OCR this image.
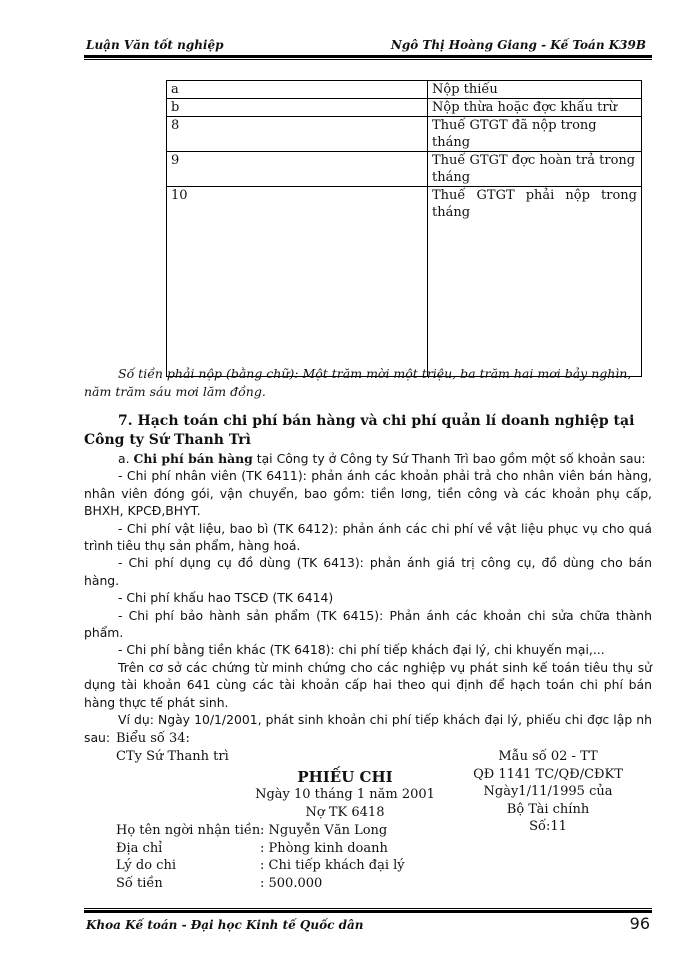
Luận Văn tốt nghiệp	Ngô Thị Hoàng Giang - Kế Toán K39B
a	Nộp thiếu
b	Nộp thừa hoặc đợc khấu trừ
8	Thuế GTGT đã nộp trong tháng
9	Thuế GTGT đợc hoàn trả trong tháng
10	Thuế GTGT phải nộp trong tháng
Số tiền phải nộp (bằng chữ): Một trăm mời một triệu, ba trăm hai mơi bảy nghìn, năm trăm sáu mơi lăm đồng.
7. Hạch toán chi phí bán hàng và chi phí quản lí doanh nghiệp tại Công ty Sứ Thanh Trì

a. Chi phí bán hàng tại Công ty ở Công ty Sứ Thanh Trì bao gồm một số khoản sau:

- Chi phí nhân viên (TK 6411): phản ánh các khoản phải trả cho nhân viên bán hàng, nhân viên đóng gói, vận chuyển, bao gồm: tiền lơng, tiền công và các khoản phụ cấp, BHXH, KPCĐ,BHYT.

- Chi phí vật liệu, bao bì (TK 6412): phản ánh các chi phí về vật liệu phục vụ cho quá trình tiêu thụ sản phẩm, hàng hoá.

- Chi phí dụng cụ đồ dùng (TK 6413): phản ánh giá trị công cụ, đồ dùng cho bán hàng.

- Chi phí khấu hao TSCĐ (TK 6414)

- Chi phí bảo hành sản phẩm (TK 6415): Phản ánh các khoản chi sửa chữa thành phẩm.

- Chi phí bằng tiền khác (TK 6418): chi phí tiếp khách đại lý, chi khuyến mại,...

Trên cơ sở các chứng từ minh chứng cho các nghiệp vụ phát sinh kế toán tiêu thụ sử dụng tài khoản 641 cùng các tài khoản cấp hai theo qui định để hạch toán chi phí bán hàng thực tế phát sinh.

Ví dụ: Ngày 10/1/2001, phát sinh khoản chi phí tiếp khách đại lý, phiếu chi đợc lập nh sau: Biểu số 34:
CTy Sứ Thanh trì	Mẫu số 02 - TT
QĐ 1141 TC/QĐ/CĐKT
Ngày1/11/1995 của
Bộ Tài chính
Số:11
PHIẾU CHI
Ngày 10 tháng 1 năm 2001
Nợ TK 6418
Họ tên ngời nhận tiền: Nguyễn Văn Long
Địa chỉ	: Phòng kinh doanh
Lý do chi	: Chi tiếp khách đại lý
Số tiền	: 500.000
Khoa Kế toán - Đại học Kinh tế Quốc dân	96
